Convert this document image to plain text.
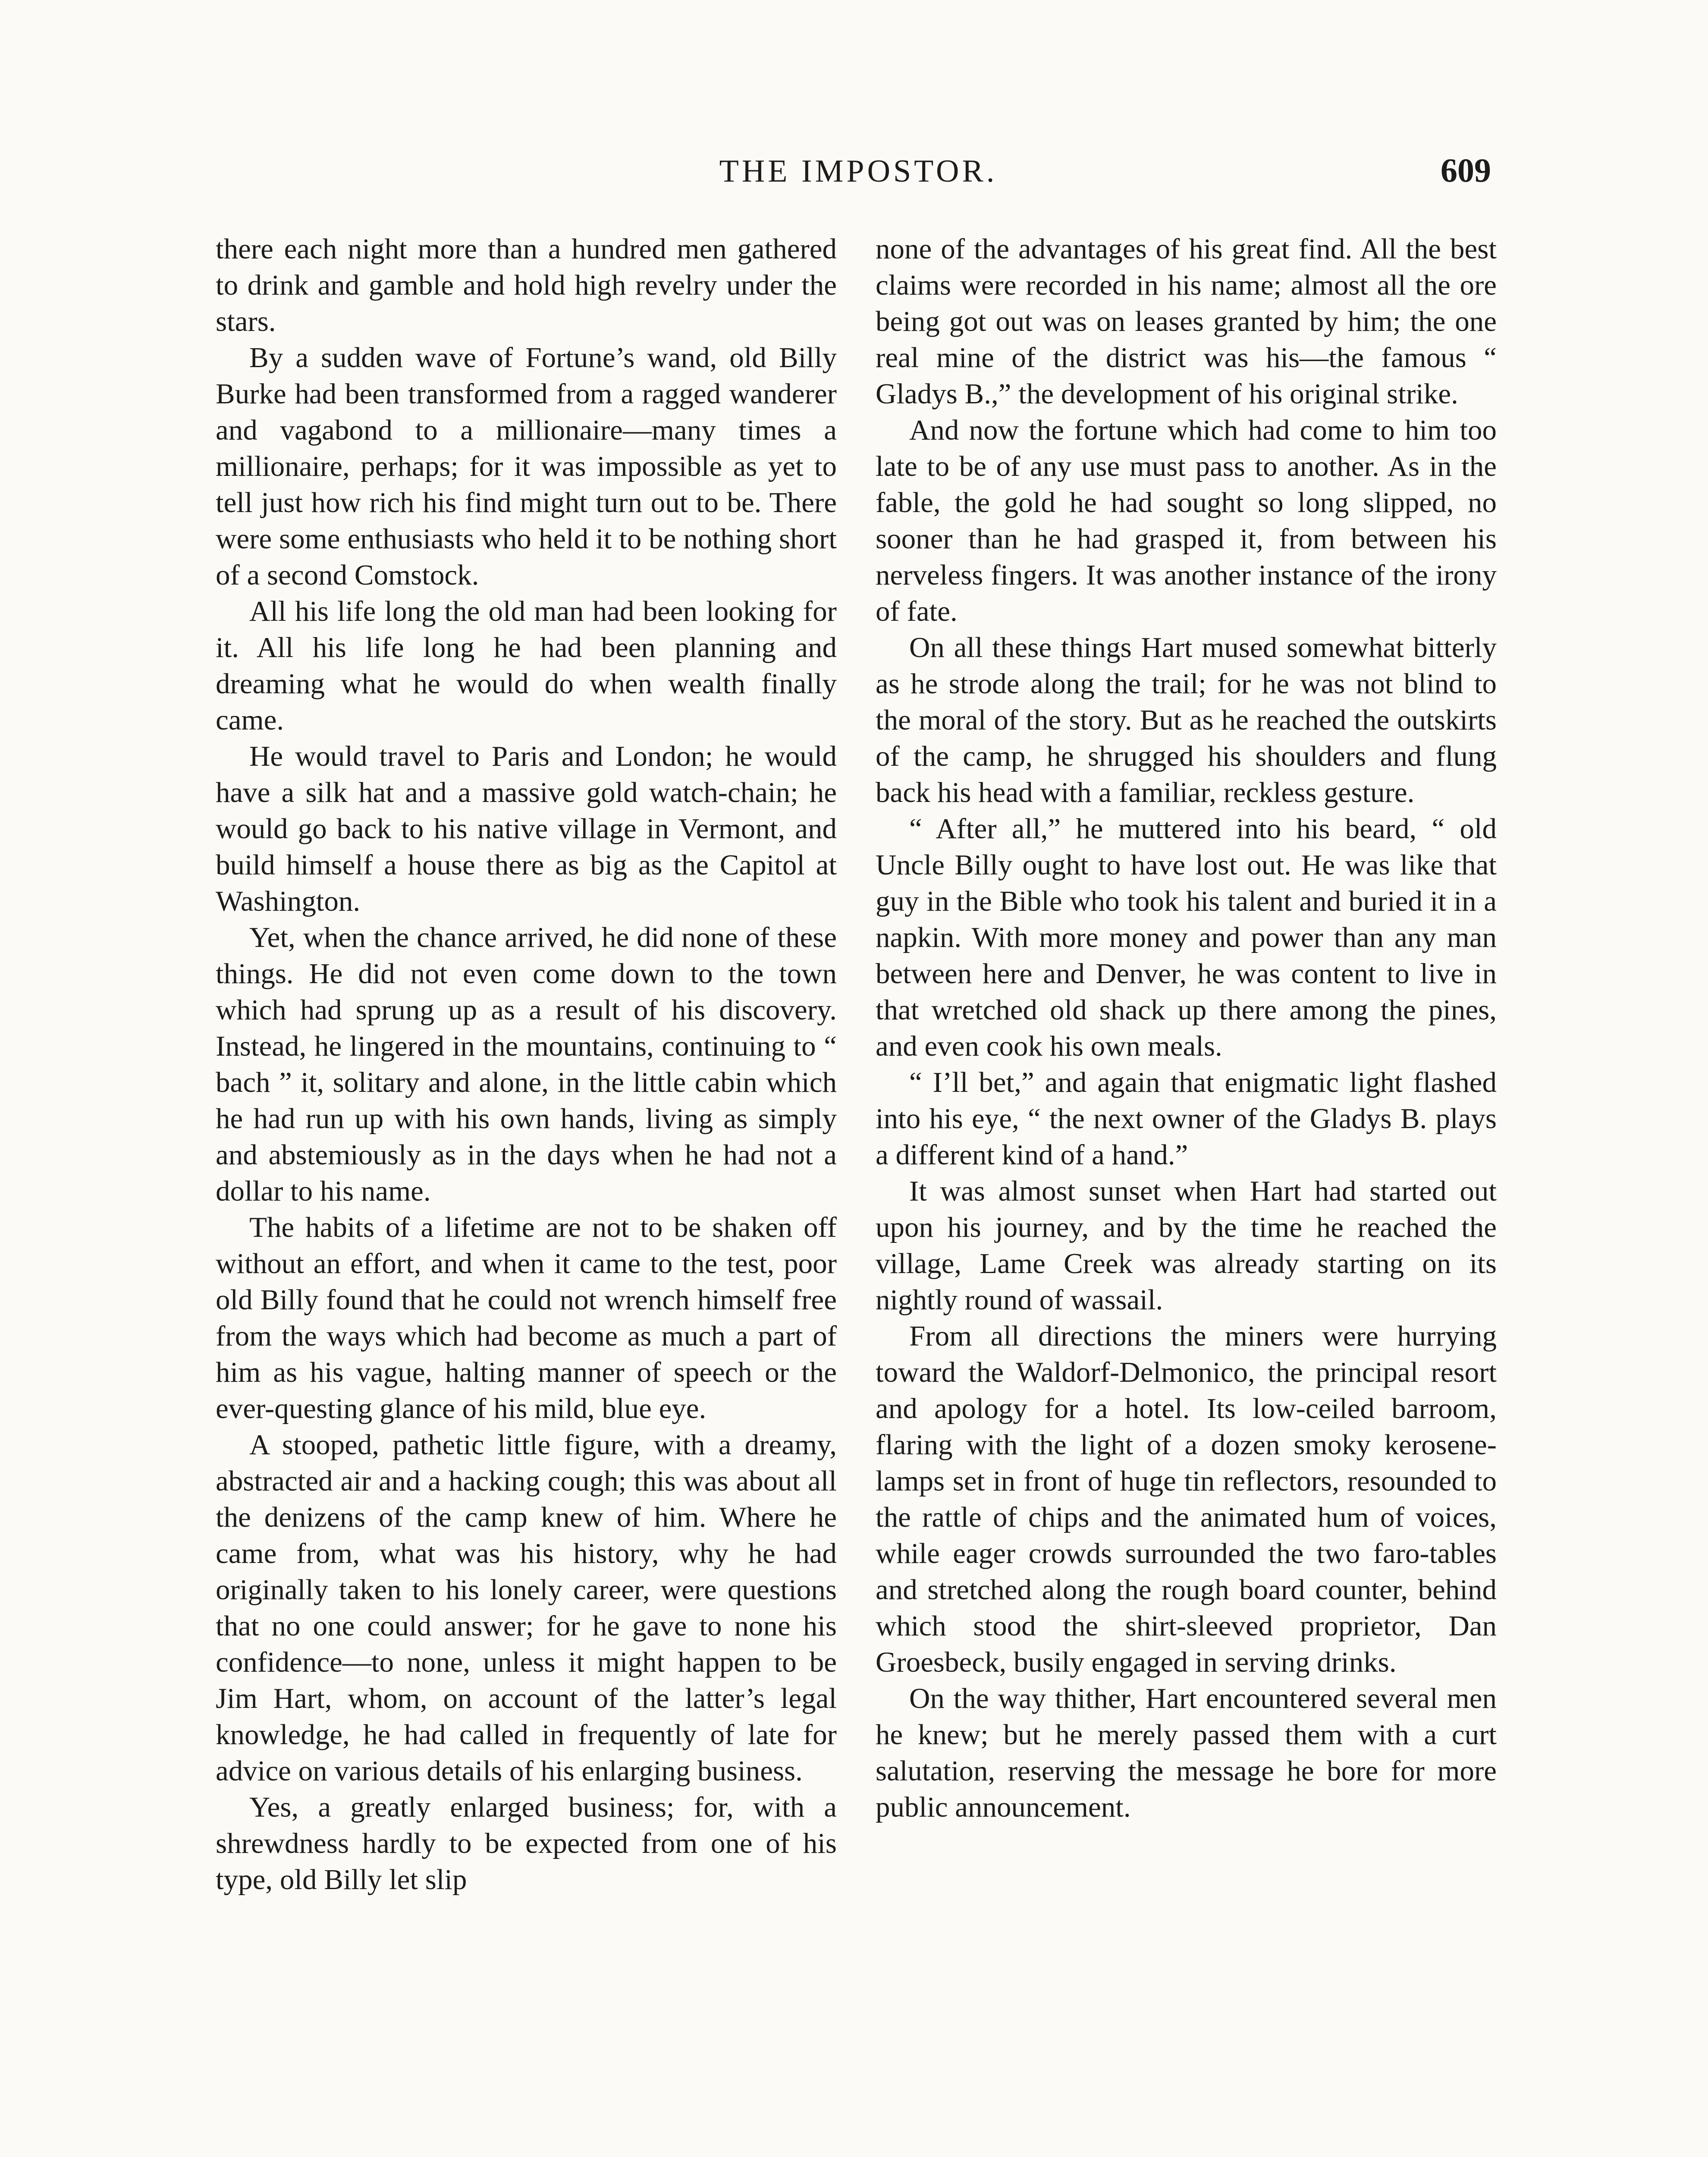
THE IMPOSTOR.	609

there each night more than a hundred men gathered to drink and gamble and hold high revelry under the stars.

By a sudden wave of Fortune’s wand, old Billy Burke had been transformed from a ragged wanderer and vagabond to a millionaire—many times a millionaire, perhaps; for it was impossible as yet to tell just how rich his find might turn out to be. There were some enthusiasts who held it to be nothing short of a second Comstock.

All his life long the old man had been looking for it. All his life long he had been planning and dreaming what he would do when wealth finally came.

He would travel to Paris and London; he would have a silk hat and a massive gold watch-chain; he would go back to his native village in Vermont, and build himself a house there as big as the Capitol at Washington.

Yet, when the chance arrived, he did none of these things. He did not even come down to the town which had sprung up as a result of his discovery. Instead, he lingered in the mountains, continuing to “ bach ” it, solitary and alone, in the little cabin which he had run up with his own hands, living as simply and abstemiously as in the days when he had not a dollar to his name.

The habits of a lifetime are not to be shaken off without an effort, and when it came to the test, poor old Billy found that he could not wrench himself free from the ways which had become as much a part of him as his vague, halting manner of speech or the ever-questing glance of his mild, blue eye.

A stooped, pathetic little figure, with a dreamy, abstracted air and a hacking cough; this was about all the denizens of the camp knew of him. Where he came from, what was his history, why he had originally taken to his lonely career, were questions that no one could answer; for he gave to none his confidence—to none, unless it might happen to be Jim Hart, whom, on account of the latter’s legal knowledge, he had called in frequently of late for advice on various details of his enlarging business.

Yes, a greatly enlarged business; for, with a shrewdness hardly to be expected from one of his type, old Billy let slip

none of the advantages of his great find. All the best claims were recorded in his name; almost all the ore being got out was on leases granted by him; the one real mine of the district was his—the famous “ Gladys B.,” the development of his original strike.

And now the fortune which had come to him too late to be of any use must pass to another. As in the fable, the gold he had sought so long slipped, no sooner than he had grasped it, from between his nerveless fingers. It was another instance of the irony of fate.

On all these things Hart mused somewhat bitterly as he strode along the trail; for he was not blind to the moral of the story. But as he reached the outskirts of the camp, he shrugged his shoulders and flung back his head with a familiar, reckless gesture.

“ After all,” he muttered into his beard, “ old Uncle Billy ought to have lost out. He was like that guy in the Bible who took his talent and buried it in a napkin. With more money and power than any man between here and Denver, he was content to live in that wretched old shack up there among the pines, and even cook his own meals.

“ I’ll bet,” and again that enigmatic light flashed into his eye, “ the next owner of the Gladys B. plays a different kind of a hand.”

It was almost sunset when Hart had started out upon his journey, and by the time he reached the village, Lame Creek was already starting on its nightly round of wassail.

From all directions the miners were hurrying toward the Waldorf-Delmonico, the principal resort and apology for a hotel. Its low-ceiled barroom, flaring with the light of a dozen smoky kerosene-lamps set in front of huge tin reflectors, resounded to the rattle of chips and the animated hum of voices, while eager crowds surrounded the two faro-tables and stretched along the rough board counter, behind which stood the shirt-sleeved proprietor, Dan Groesbeck, busily engaged in serving drinks.

On the way thither, Hart encountered several men he knew; but he merely passed them with a curt salutation, reserving the message he bore for more public announcement.
